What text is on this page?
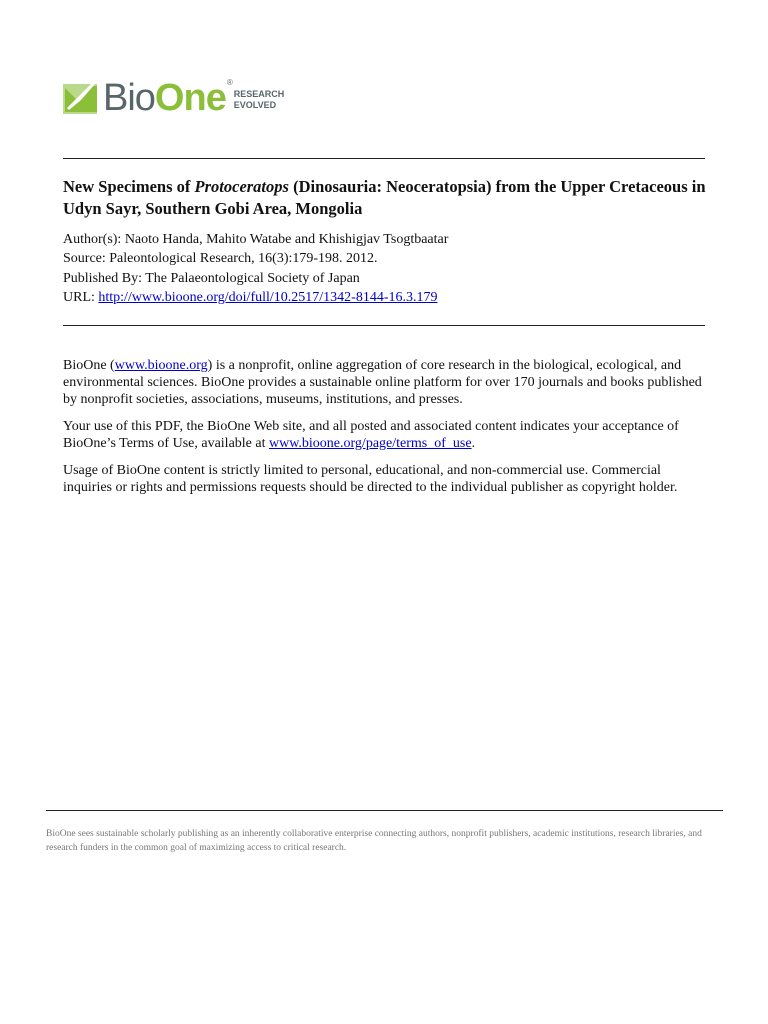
BioOne®
RESEARCH
EVOLVED
New Specimens of Protoceratops (Dinosauria: Neoceratopsia) from the Upper Cretaceous in Udyn Sayr, Southern Gobi Area, Mongolia
Author(s): Naoto Handa, Mahito Watabe and Khishigjav Tsogtbaatar
Source: Paleontological Research, 16(3):179-198. 2012.
Published By: The Palaeontological Society of Japan
URL: http://www.bioone.org/doi/full/10.2517/1342-8144-16.3.179

BioOne (www.bioone.org) is a nonprofit, online aggregation of core research in the biological, ecological, and environmental sciences. BioOne provides a sustainable online platform for over 170 journals and books published by nonprofit societies, associations, museums, institutions, and presses.

Your use of this PDF, the BioOne Web site, and all posted and associated content indicates your acceptance of BioOne’s Terms of Use, available at www.bioone.org/page/terms_of_use.

Usage of BioOne content is strictly limited to personal, educational, and non-commercial use. Commercial inquiries or rights and permissions requests should be directed to the individual publisher as copyright holder.

BioOne sees sustainable scholarly publishing as an inherently collaborative enterprise connecting authors, nonprofit publishers, academic institutions, research libraries, and research funders in the common goal of maximizing access to critical research.
